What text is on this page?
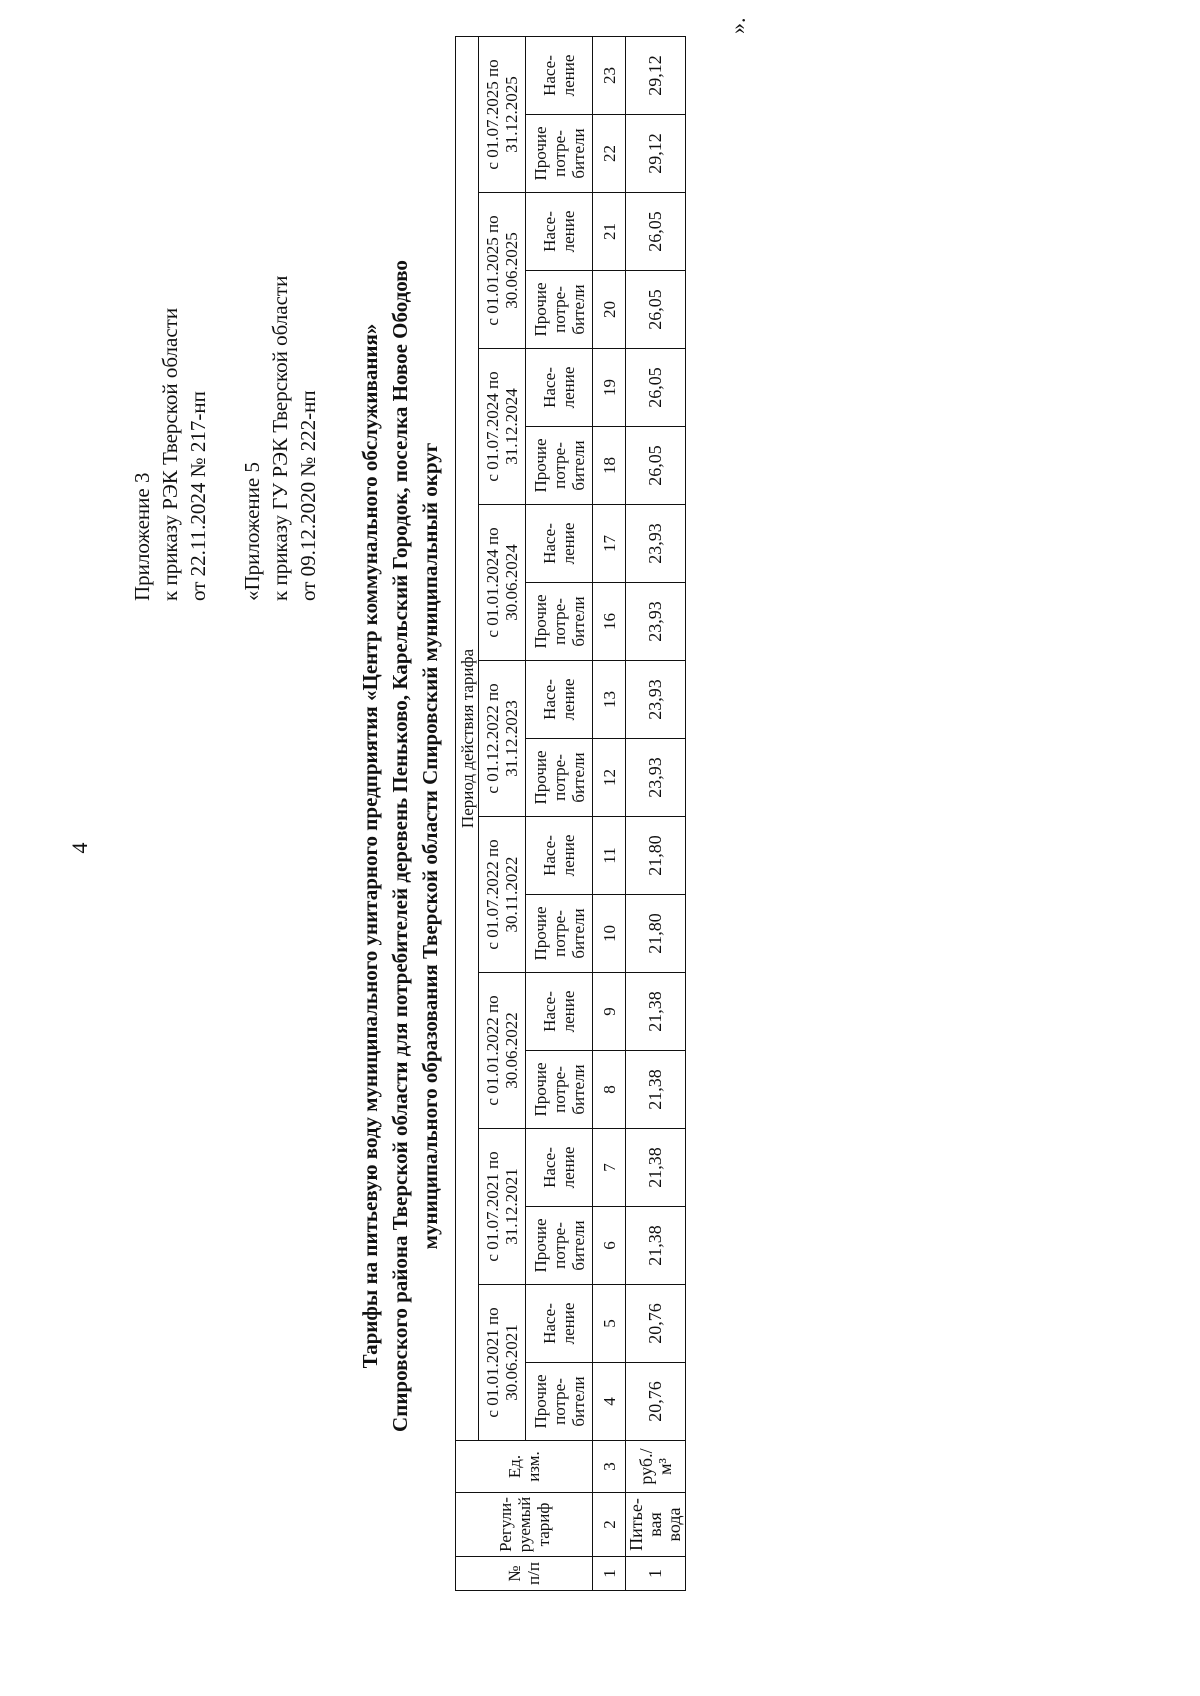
4
Приложение 3 к приказу РЭК Тверской области от 22.11.2024 № 217-нп «Приложение 5 к приказу ГУ РЭК Тверской области от 09.12.2020 № 222-нп Тарифы на питьевую воду муниципального унитарного предприятия «Центр коммунального обслуживания» Спировского района Тверской области для потребителей деревень Пеньково, Карельский Городок, поселка Новое Ободово муниципального образования Тверской области Спировский муниципальный округ
№ п/п	Регули-руемый тариф	Ед. изм.	Период действия тарифа																	
			с 01.01.2021 по 30.06.2021		с 01.07.2021 по 31.12.2021		с 01.01.2022 по 30.06.2022		с 01.07.2022 по 30.11.2022		с 01.12.2022 по 31.12.2023		с 01.01.2024 по 30.06.2024		с 01.07.2024 по 31.12.2024		с 01.01.2025 по 30.06.2025		с 01.07.2025 по 31.12.2025	
			Прочие потре-бители	Насе-ление	Прочие потре-бители	Насе-ление	Прочие потре-бители	Насе-ление	Прочие потре-бители	Насе-ление	Прочие потре-бители	Насе-ление	Прочие потре-бители	Насе-ление	Прочие потре-бители	Насе-ление	Прочие потре-бители	Насе-ление	Прочие потре-бители	Насе-ление
1	2	3	4	5	6	7	8	9	10	11	12	13	16	17	18	19	20	21	22	23
1	Питье-вая вода	руб./м³	20,76	20,76	21,38	21,38	21,38	21,38	21,80	21,80	23,93	23,93	23,93	23,93	26,05	26,05	26,05	26,05	29,12	29,12
».
